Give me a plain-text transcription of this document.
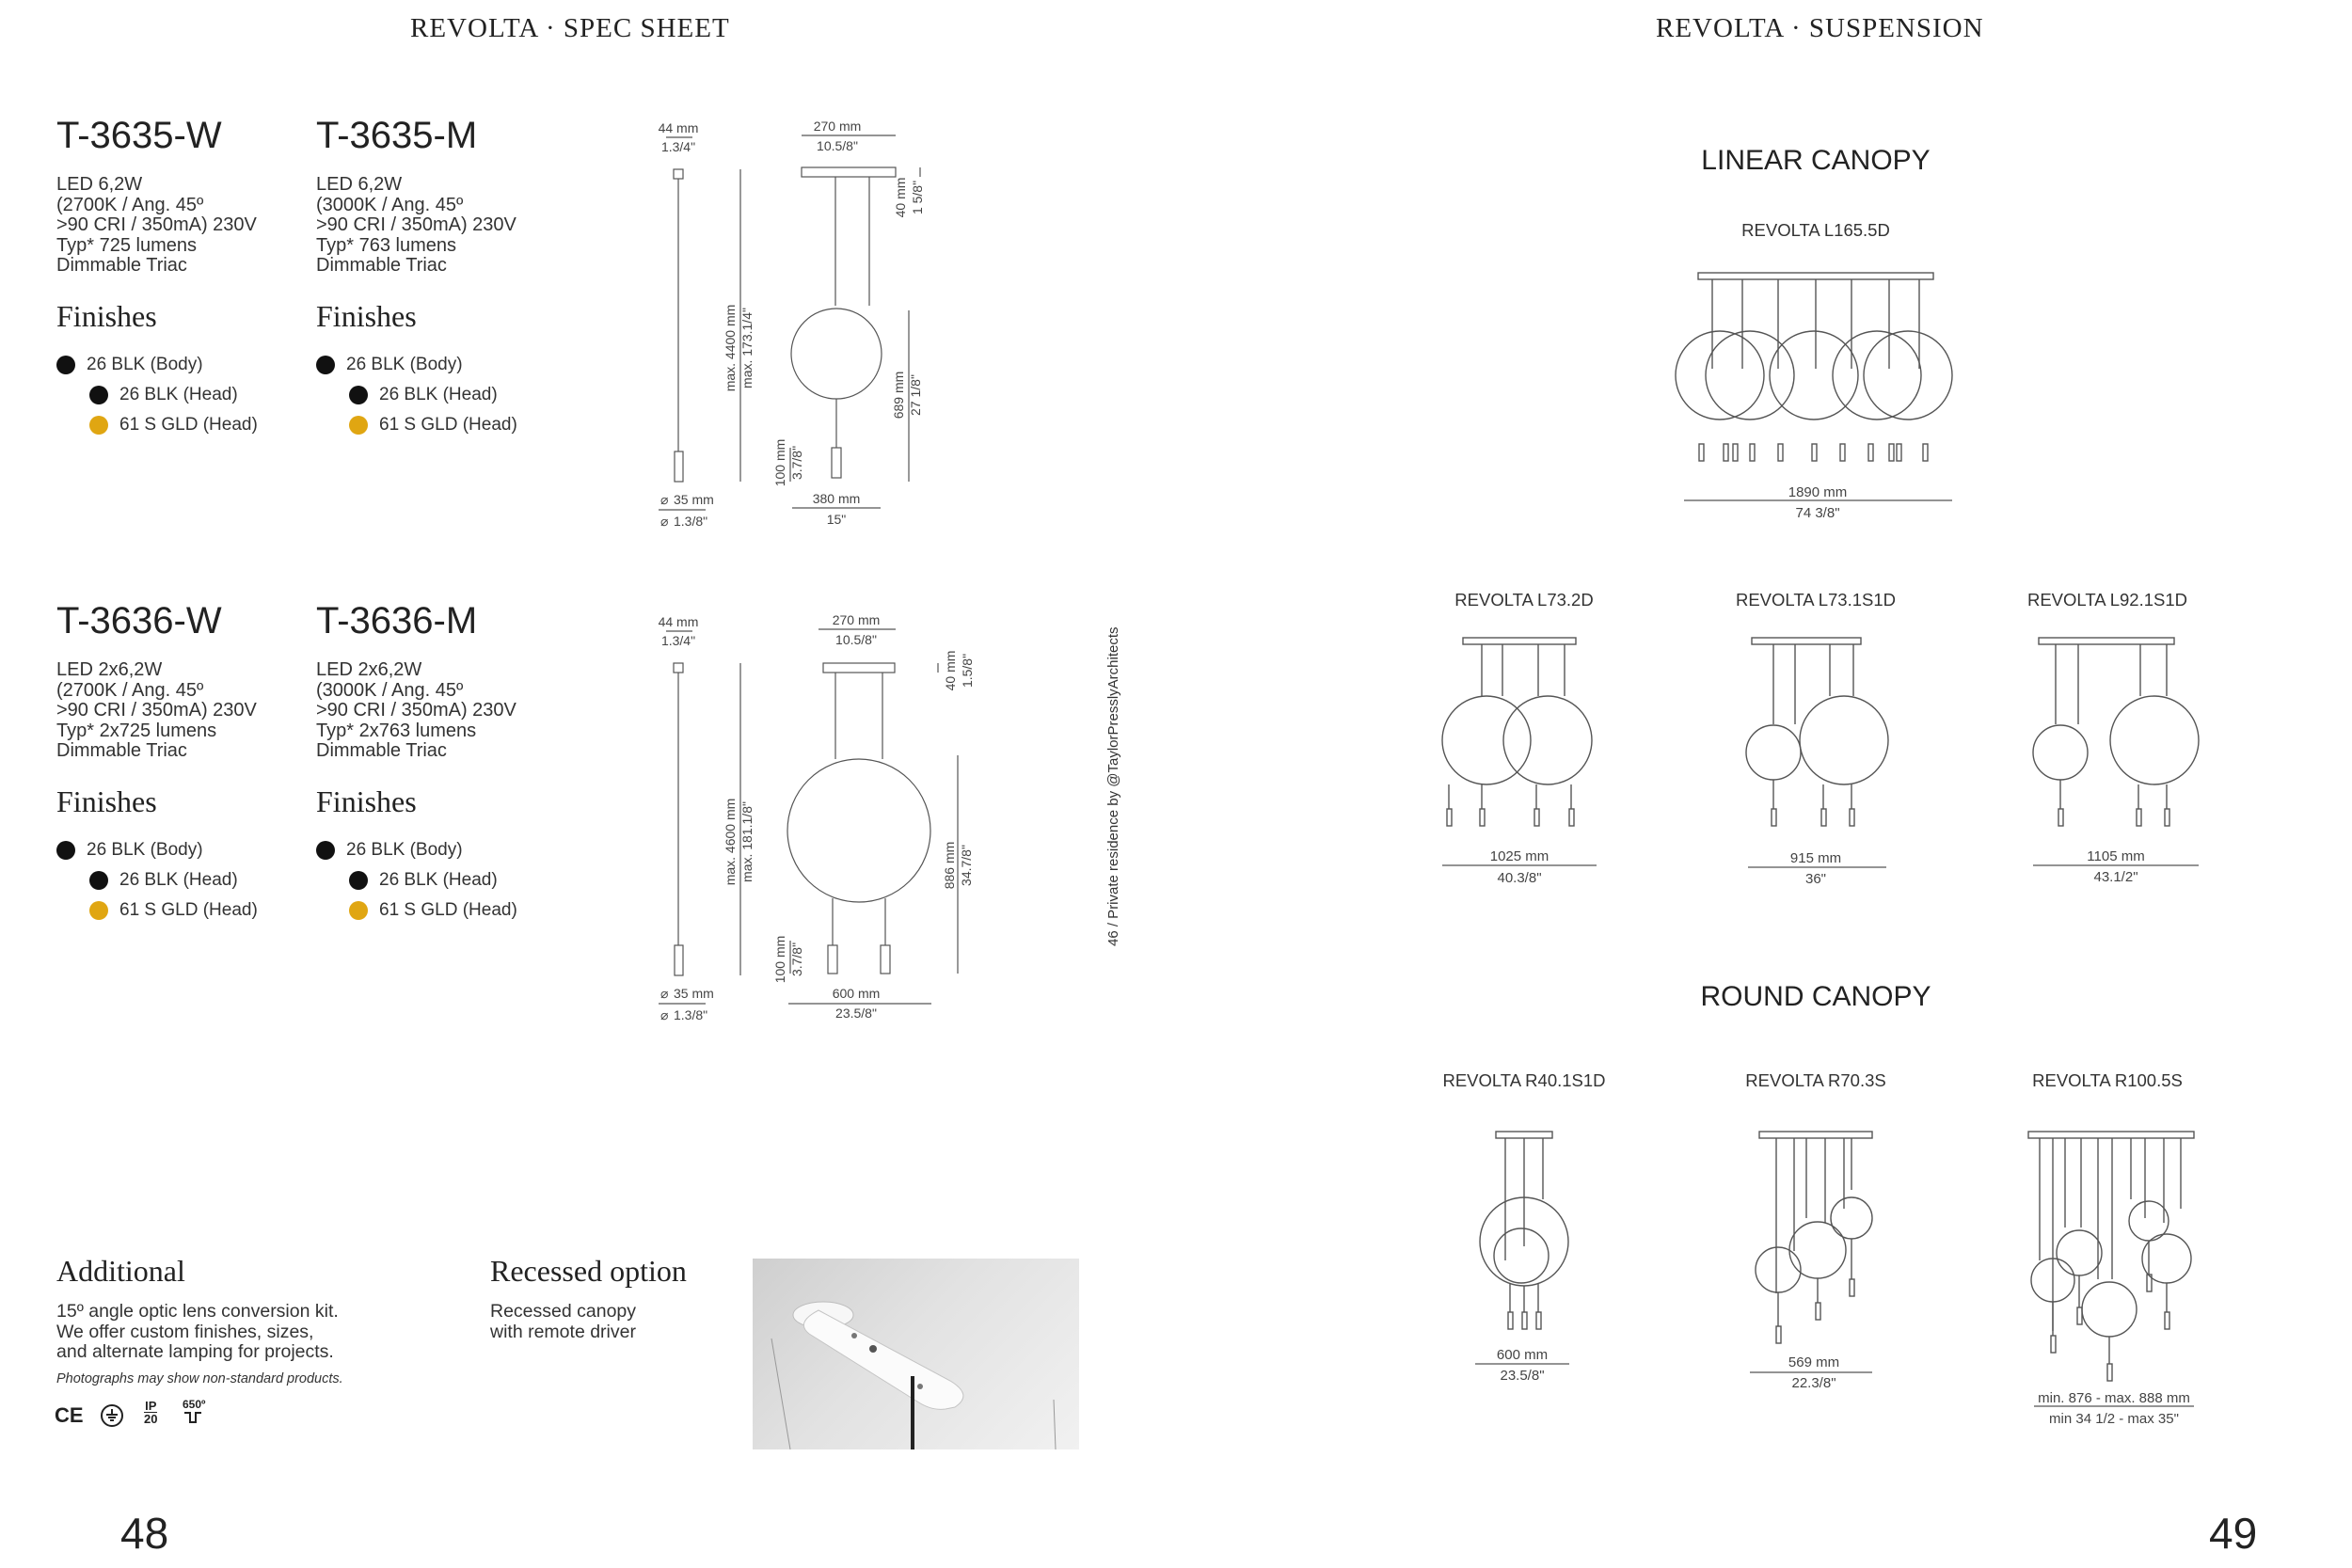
REVOLTA · SPEC SHEET
T-3635-W	T-3635-M
LED 6,2W
(2700K / Ang. 45º
>90 CRI / 350mA) 230V
Typ* 725 lumens
Dimmable Triac
LED 6,2W
(3000K / Ang. 45º
>90 CRI / 350mA) 230V
Typ* 763 lumens
Dimmable Triac
Finishes	Finishes
26 BLK (Body)
26 BLK (Head)
61 S GLD (Head)
26 BLK (Body)
26 BLK (Head)
61 S GLD (Head)
44 mm
1.3/4"
270 mm
10.5/8"
40 mm 1 5/8"
max. 4400 mm max. 173.1/4"
689 mm 27 1/8"
100 mm 3.7/8"
380 mm
15"
⌀ 35 mm
⌀ 1.3/8"
T-3636-W	T-3636-M
LED 2x6,2W
(2700K / Ang. 45º
>90 CRI / 350mA) 230V
Typ* 2x725 lumens
Dimmable Triac
LED 2x6,2W
(3000K / Ang. 45º
>90 CRI / 350mA) 230V
Typ* 2x763 lumens
Dimmable Triac
Finishes	Finishes
26 BLK (Body)
26 BLK (Head)
61 S GLD (Head)
26 BLK (Body)
26 BLK (Head)
61 S GLD (Head)
44 mm
1.3/4"
270 mm
10.5/8"
40 mm 1.5/8"
max. 4600 mm max. 181.1/8"	886 mm 34.7/8"
100 mm 3.7/8"
600 mm
23.5/8"
⌀ 35 mm
⌀ 1.3/8"
46 / Private residence by @TaylorPresslyArchitects
Additional
15º angle optic lens conversion kit.
We offer custom finishes, sizes,
and alternate lamping for projects.
Photographs may show non-standard products.
CE	IP
20
650º
Recessed option
Recessed canopy
with remote driver
48
REVOLTA · SUSPENSION
LINEAR CANOPY
REVOLTA L165.5D
1890 mm
74 3/8"
REVOLTA L73.2D	REVOLTA L73.1S1D	REVOLTA L92.1S1D
1025 mm
40.3/8"
915 mm
36"
1105 mm
43.1/2"
ROUND CANOPY
REVOLTA R40.1S1D	REVOLTA R70.3S	REVOLTA R100.5S
600 mm
23.5/8"
569 mm
22.3/8"
min. 876 - max. 888 mm
min 34 1/2 - max 35"
49
